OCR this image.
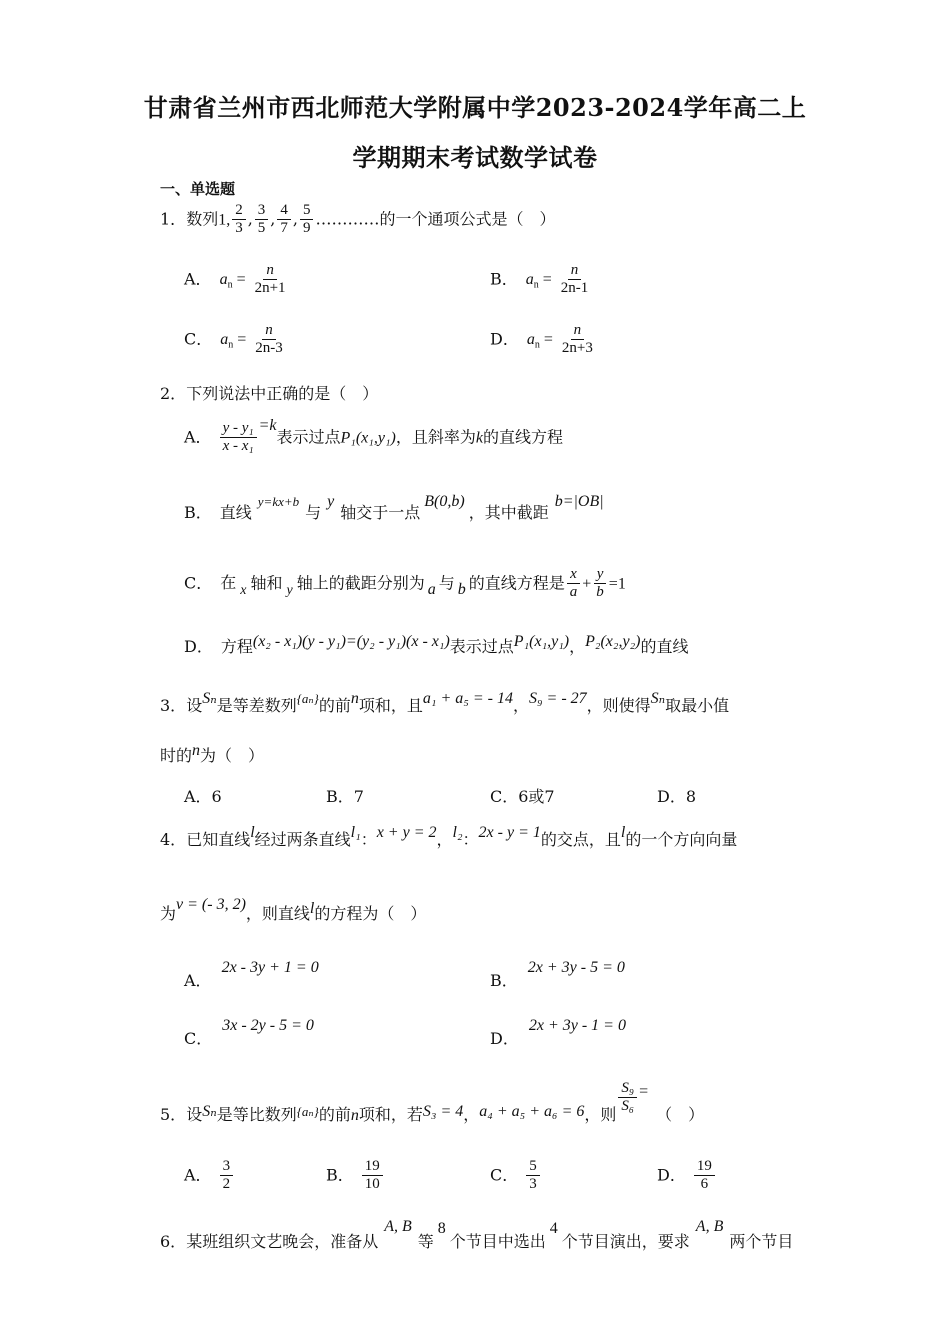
甘肃省兰州市西北师范大学附属中学2023-2024学年高二上
学期期末考试数学试卷
一、单选题
1．数列1, $\frac{2}{3}$ , $\frac{3}{5}$ , $\frac{4}{7}$ , $\frac{5}{9}$ …………的一个通项公式是（　）
A． $a_n = \frac{n}{2n+1}$	B． $a_n = \frac{n}{2n-1}$
C． $a_n = \frac{n}{2n-3}$	D． $a_n = \frac{n}{2n+3}$
2．下列说法中正确的是（　）
A． $\frac{\text{y - y₁}}{\text{x - x₁}} =k$表示过点P₁(x₁,y₁)，且斜率为k的直线方程
B． 直线$^{y=kx+b}$与y轴交于一点B(0,b)，其中截距b=|OB|
C． 在 x 轴和 y 轴上的截距分别为 a 与 b 的直线方程是 $\frac{x}{a} + \frac{y}{b} =1$
D． 方程(x₂ - x₁)(y - y₁)=(y₂ - y₁)(x - x₁)表示过点P₁(x₁,y₁)，P₂(x₂,y₂)的直线
3．设Sₙ是等差数列$^{\{a_n\}}$的前n项和，且a₁ + a₅ = - 14，S₉ = - 27，则使得Sₙ取最小值
时的n为（　）
A．6	B．7	C．6或7	D．8
4．已知直线l经过两条直线l₁：x + y = 2，l₂：2x - y = 1的交点，且l的一个方向向量
为v = (- 3, 2)，则直线l的方程为（　）
A．2x - 3y + 1 = 0
B．2x + 3y - 5 = 0
C．3x - 2y - 5 = 0
D．2x + 3y - 1 = 0
5．设Sₙ是等比数列$_{\{a_n\}}$的前n项和，若S₃ = 4，a₄ + a₅ + a₆ = 6，则 $\frac{\text{S₉}}{\text{S₆}}$ =（　）
A． $\frac{3}{2}$	B． $\frac{19}{10}$	C． $\frac{5}{3}$	D． $\frac{19}{6}$
6．某班组织文艺晚会，准备从A, B等8个节目中选出4个节目演出，要求A, B两个节目
